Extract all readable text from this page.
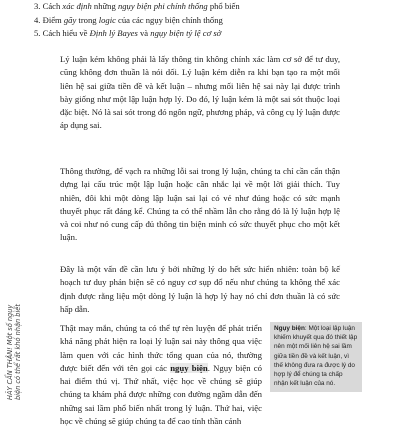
3. Cách xác định những ngụy biện phi chính thống phổ biến
4. Điểm gãy trong logic của các ngụy biện chính thống
5. Cách hiểu về Định lý Bayes và ngụy biện tỷ lệ cơ sở

Lý luận kém không phải là lấy thông tin không chính xác làm cơ sở để tư duy, cũng không đơn thuần là nói dối. Lý luận kém diễn ra khi bạn tạo ra một mối liên hệ sai giữa tiền đề và kết luận – nhưng mối liên hệ sai này lại được trình bày giống như một lập luận hợp lý. Do đó, lý luận kém là một sai sót thuộc loại đặc biệt. Nó là sai sót trong đó ngôn ngữ, phương pháp, và công cụ lý luận được áp dụng sai.

Thông thường, để vạch ra những lỗi sai trong lý luận, chúng ta chỉ cần cẩn thận dựng lại cấu trúc một lập luận hoặc cân nhắc lại về một lời giải thích. Tuy nhiên, đôi khi một dòng lập luận sai lại có vẻ như đúng hoặc có sức mạnh thuyết phục rất đáng kể. Chúng ta có thể nhầm lẫn cho rằng đó là lý luận hợp lệ và coi như nó cung cấp đủ thông tin biện minh có sức thuyết phục cho một kết luận.

Đây là một vấn đề cần lưu ý bởi những lý do hết sức hiển nhiên: toàn bộ kế hoạch tư duy phản biện sẽ có nguy cơ sụp đổ nếu như chúng ta không thể xác định được rằng liệu một dòng lý luận là hợp lý hay nó chỉ đơn thuần là có sức hấp dẫn.

Thật may mắn, chúng ta có thể tự rèn luyện để phát triển khả năng phát hiện ra loại lý luận sai này thông qua việc làm quen với các hình thức tổng quan của nó, thường được biết đến với tên gọi các ngụy biện. Ngụy biện có hai điểm thú vị. Thứ nhất, việc học về chúng sẽ giúp chúng ta khám phá được những con đường ngầm dẫn đến những sai lầm phổ biến nhất trong lý luận. Thứ hai, việc học về chúng sẽ giúp chúng ta để cao tính thần cảnh

Ngụy biện: Một loại lập luận khiếm khuyết qua đó thiết lập nên một mối liên hệ sai lầm giữa tiền đề và kết luận, vì thế không đưa ra được lý do hợp lý để chúng ta chấp nhận kết luận của nó.
HÃY CẨN THẬN! Một số ngụy biện có thể rất khó nhận biết
